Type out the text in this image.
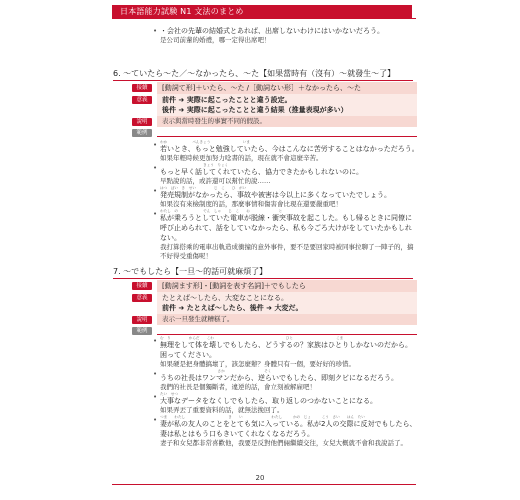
日本語能力試験 N1 文法のまとめ
• ・会社の先輩の結婚式とあれば、出席しないわけにはいかないだろう。
是公司前輩的婚禮，哪一定得出席吧！
6. ～ていたら～た／～なかったら、～た【如果當時有（沒有）～就發生～了】
接續	[動詞て形]＋いたら、～た /［動詞ない形］＋なかったら、～た
意義	前件 ➜ 実際に起こったことと違う設定。
後件 ➜ 実際に起こったことと違う結果（推量表現が多い）
說明	表示與當時發生的事實不同的假設。
範例
• わか　　　　　　　べんきょう　　　　　　　　　いま
若いとき、もっと勉強していたら、今はこんなに苦労することはなかっただろう。
如果年輕時候更加努力唸書的話，現在就不會這麼辛苦。
• 　　　　　　　　　　　　きょう　りょく
もっと早く話してくれていたら、協力できたかもしれないのに。
早點說的話，或許還可以幫忙的說……
• はつ　ばい　き　せい　　　　　じ　こ　　ひ　がい
発売規制がなかったら、事故や被害は今以上に多くなっていたでしょう。
如果沒有來檢制度的話，那麼事情和傷害會比現在還要嚴重吧！
• わたし　の　　　　　　　でん　しゃ　　じ　こ　　お　　　　　　　　と
私が乗ろうとしていた電車が脱線・衝突事故を起こした。もし帰るときに同僚に呼び止められて、話をしていなかったら、私も今ごろ大けがをしていたかもしれない。
我打算搭乘的電車出軌造成衝撞的意外事件，要不是要回家時被同事拉聊了一陣子的，搞不好得受重傷呢！
7. ～でもしたら【一旦～的話可就麻煩了】
接續	[動詞ます形]・[動詞を表す名詞]＋でもしたら
意義	たとえば～したら、大変なことになる。
前件 ➜ たとえば～したら、後件 ➜ 大変だ。
說明	表示一旦發生就糟糕了。
範例
• む　り　　　　　からだ　　こわ　　　　　　　　　　　　　　　　　　　　ひと　　　　　　　　　　　　こま
無理をして体を壊しでもしたら、どうするの？家族はひとりしかないのだから。困ってください。
如果硬是把身體搞壞了，該怎麼辦？身體只有一個，要好好的珍惜。
• 　　　　　　　　　　　　　　　　さか　　　　　　　　　　　そく
うちの社長はワンマンだから、逆らいでもしたら、即刻クビになるだろう。
我們的社長是個獨斷者，違逆的話，會立刻被解雇吧！
• たい　せつ
大事なデータをなくしでもしたら、取り返しのつかないことになる。
如果弄丟了重要資料的話，就無法挽回了。
• つま　　わたし　　　　　　　　　　　　き　　い　　　　　　　　わたし　　　かの　じょ　　　こう　さい　　はん　たい
妻が私の友人のことをとても気に入っている。私が2人の交際に反対でもしたら、妻は私とはもう口もきいてくれなくなるだろう。
妻子和女兒都非常喜歡他，我要是反對他們倆繼續交往，女兒大概就不會和我說話了。
20
